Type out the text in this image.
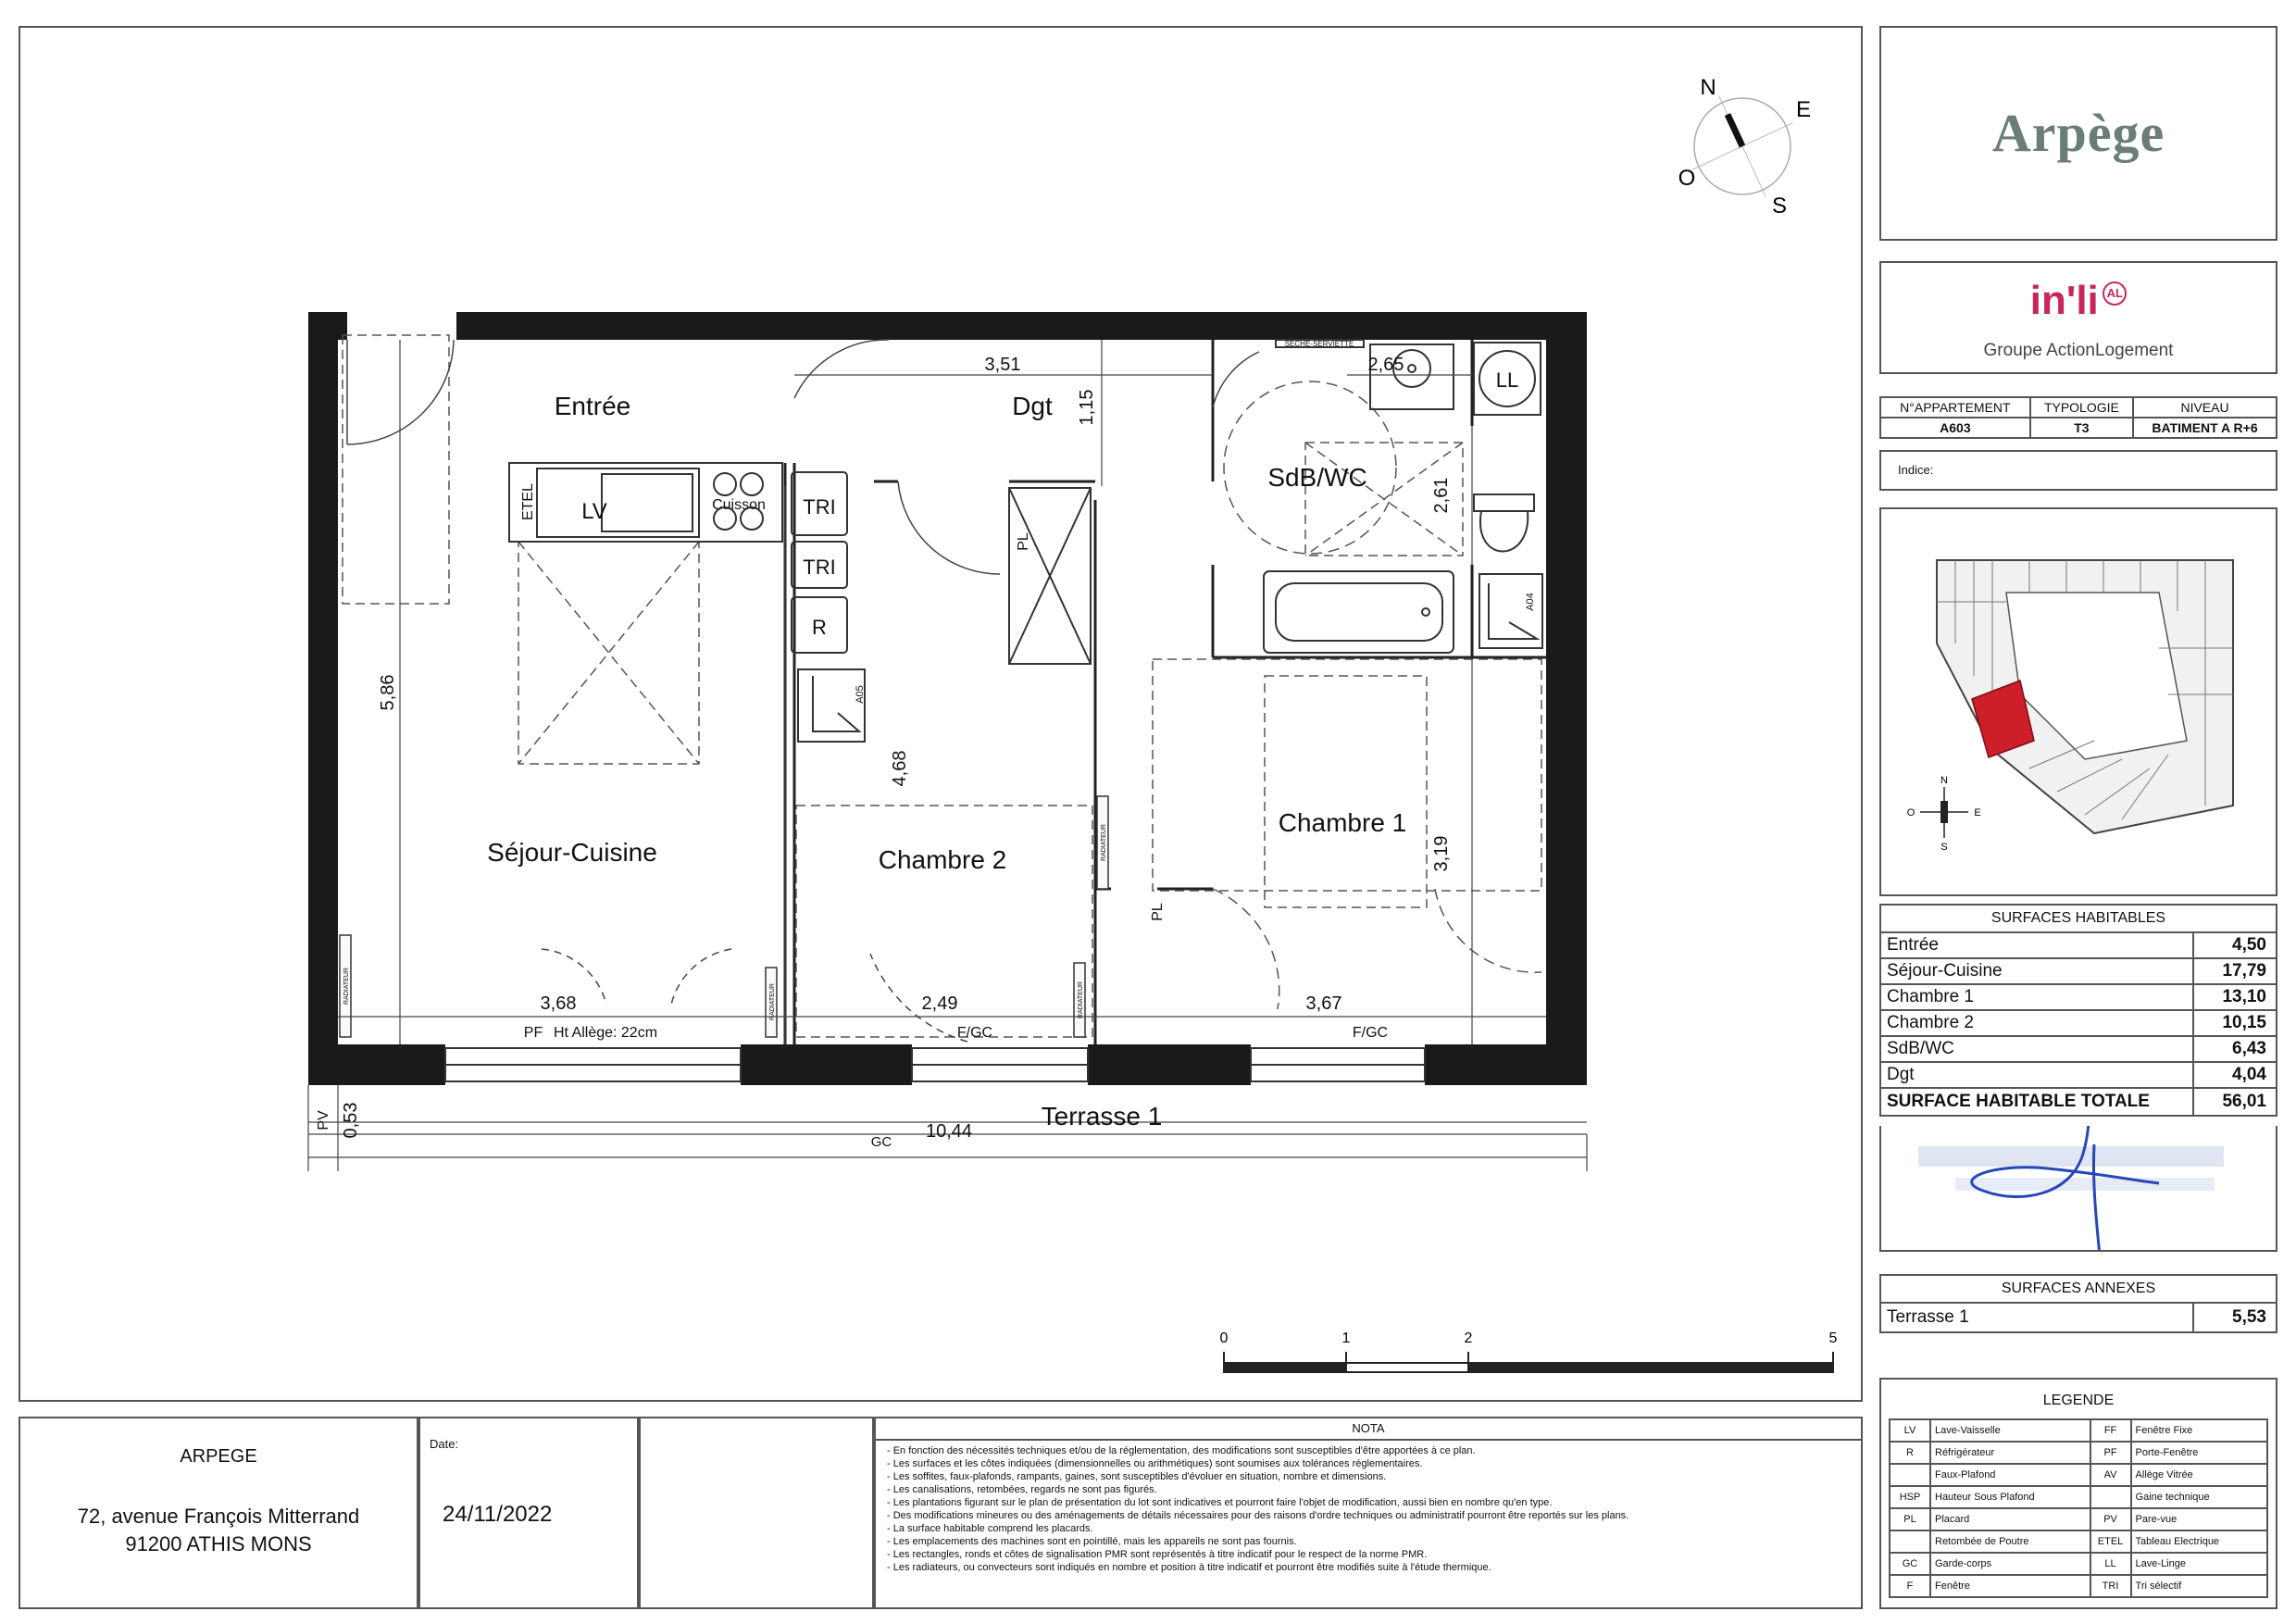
Entrée	Dgt
SdB/WC
Séjour-Cuisine
Chambre 1
Chambre 2
Terrasse 1
ETEL LV	Cuisson TRI
TRI
R
LL
PL
PL
A05
A04
SECHE-SERVIETTE
RADIATEUR	RADIATEUR	RADIATEUR
RADIATEUR
PV
GC
PF Ht Allège: 22cm	F/GC	F/GC
3,51	2,65
1,15
2,61
5,86
4,68
3,19
3,68	2,49	3,67
0,53	10,44
0	1	2	5
N
E
S
O
Arpège
in'li AL
Groupe ActionLogement
N°APPARTEMENT	TYPOLOGIE	NIVEAU
A603	T3	BATIMENT A R+6
Indice:
N
E
S
O
SURFACES HABITABLES	
Entrée	4,50
Séjour-Cuisine	17,79
Chambre 1	13,10
Chambre 2	10,15
SdB/WC	6,43
Dgt	4,04
SURFACE HABITABLE TOTALE	56,01
SURFACES ANNEXES
Terrasse 1	5,53
LEGENDE
LV	Lave-Vaisselle	FF	Fenêtre Fixe
R	Réfrigérateur	PF	Porte-Fenêtre
	Faux-Plafond	AV	Allège Vitrée
HSP	Hauteur Sous Plafond		Gaine technique
PL	Placard	PV	Pare-vue
	Retombée de Poutre	ETEL	Tableau Electrique
GC	Garde-corps	LL	Lave-Linge
F	Fenêtre	TRI	Tri sélectif
ARPEGE
72, avenue François Mitterrand
91200 ATHIS MONS
Date:
24/11/2022
NOTA
- En fonction des nécessités techniques et/ou de la réglementation, des modifications sont susceptibles d'être apportées à ce plan.
- Les surfaces et les côtes indiquées (dimensionnelles ou arithmétiques) sont soumises aux tolérances réglementaires.
- Les soffites, faux-plafonds, rampants, gaines, sont susceptibles d'évoluer en situation, nombre et dimensions.
- Les canalisations, retombées, regards ne sont pas figurés.
- Les plantations figurant sur le plan de présentation du lot sont indicatives et pourront faire l'objet de modification, aussi bien en nombre qu'en type.
- Des modifications mineures ou des aménagements de détails nécessaires pour des raisons d'ordre techniques ou administratif pourront être reportés sur les plans.
- La surface habitable comprend les placards.
- Les emplacements des machines sont en pointillé, mais les appareils ne sont pas fournis.
- Les rectangles, ronds et côtes de signalisation PMR sont représentés à titre indicatif pour le respect de la norme PMR.
- Les radiateurs, ou convecteurs sont indiqués en nombre et position à titre indicatif et pourront être modifiés suite à l'étude thermique.
